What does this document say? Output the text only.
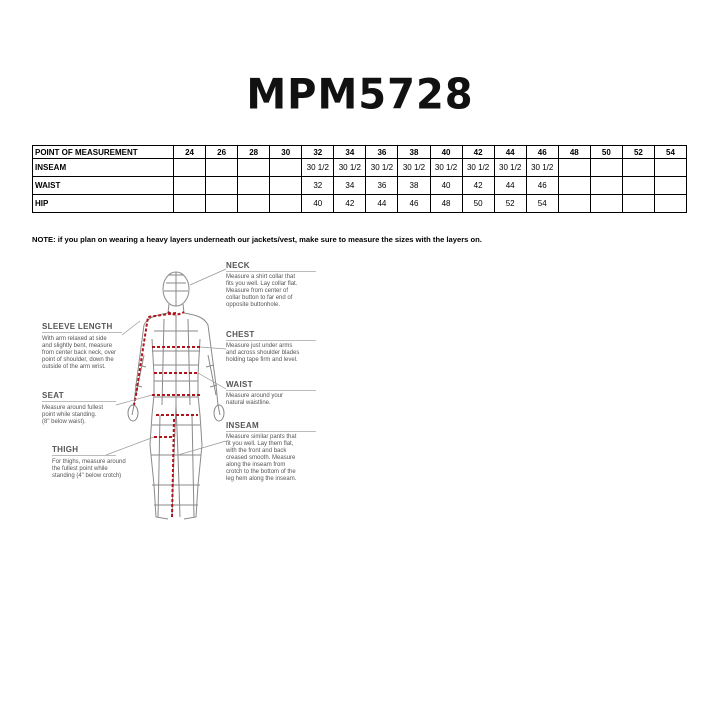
MPM5728
POINT OF MEASUREMENT	24	26	28	30	32	34	36	38	40	42	44	46	48	50	52	54
INSEAM					30 1/2	30 1/2	30 1/2	30 1/2	30 1/2	30 1/2	30 1/2	30 1/2				
WAIST					32	34	36	38	40	42	44	46				
HIP					40	42	44	46	48	50	52	54				
NOTE: if you plan on wearing a heavy layers underneath our jackets/vest, make sure to measure the sizes with the layers on.
NECK
Measure a shirt collar that
fits you well. Lay collar flat.
Measure from center of
collar button to far end of
opposite buttonhole.
SLEEVE LENGTH
With arm relaxed at side
and slightly bent, measure
from center back neck, over
point of shoulder, down the
outside of the arm wrist.
CHEST
Measure just under arms
and across shoulder blades
holding tape firm and level.
WAIST
Measure around your
natural waistline.
SEAT
Measure around fullest
point while standing.
(8" below waist).	INSEAM
Measure similar pants that
fit you well. Lay them flat,
with the front and back
creased smooth. Measure
along the inseam from
crotch to the bottom of the
leg hem along the inseam.
THIGH
For thighs, measure around
the fullest point while
standing (4" below crotch)
